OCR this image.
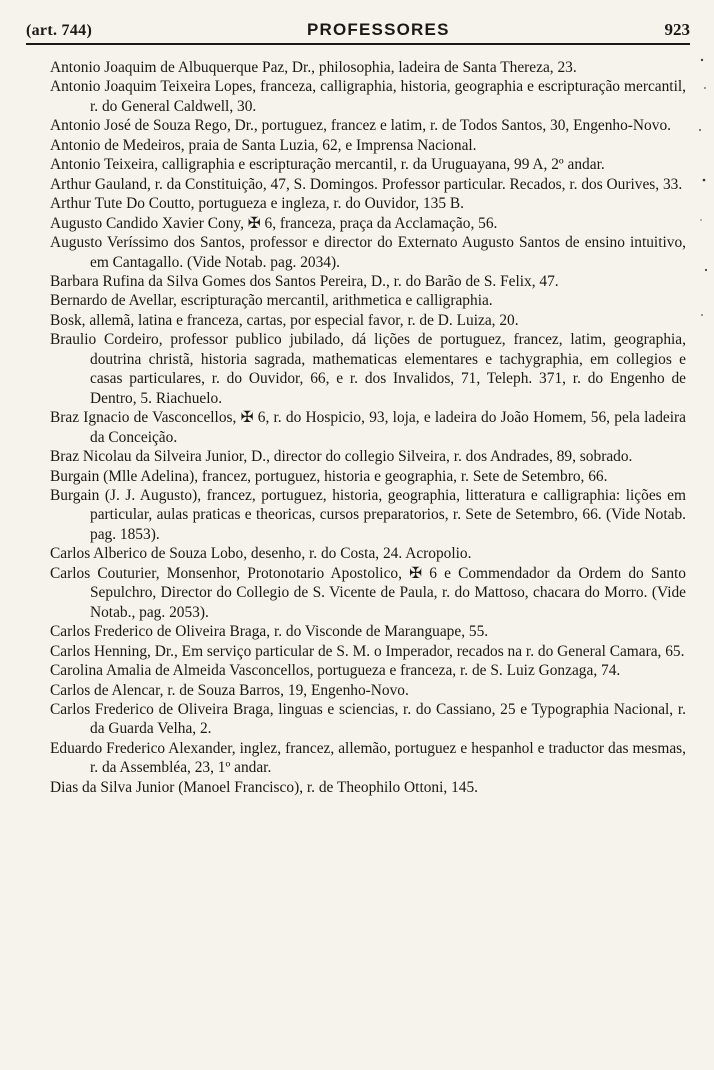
(art. 744)	PROFESSORES	923

Antonio Joaquim de Albuquerque Paz, Dr., philosophia, ladeira de Santa Thereza, 23.

Antonio Joaquim Teixeira Lopes, franceza, calligraphia, historia, geographia e escripturação mercantil, r. do General Caldwell, 30.

Antonio José de Souza Rego, Dr., portuguez, francez e latim, r. de Todos Santos, 30, Engenho-Novo.

Antonio de Medeiros, praia de Santa Luzia, 62, e Imprensa Nacional.

Antonio Teixeira, calligraphia e escripturação mercantil, r. da Uruguayana, 99 A, 2º andar.

Arthur Gauland, r. da Constituição, 47, S. Domingos. Professor particular. Recados, r. dos Ourives, 33.

Arthur Tute Do Coutto, portugueza e ingleza, r. do Ouvidor, 135 B.

Augusto Candido Xavier Cony, ✠ 6, franceza, praça da Acclamação, 56.

Augusto Veríssimo dos Santos, professor e director do Externato Augusto Santos de ensino intuitivo, em Cantagallo. (Vide Notab. pag. 2034).

Barbara Rufina da Silva Gomes dos Santos Pereira, D., r. do Barão de S. Felix, 47.

Bernardo de Avellar, escripturação mercantil, arithmetica e calligraphia.

Bosk, allemã, latina e franceza, cartas, por especial favor, r. de D. Luiza, 20.

Braulio Cordeiro, professor publico jubilado, dá lições de portuguez, francez, latim, geographia, doutrina christã, historia sagrada, mathematicas elementares e tachygraphia, em collegios e casas particulares, r. do Ouvidor, 66, e r. dos Invalidos, 71, Teleph. 371, r. do Engenho de Dentro, 5. Riachuelo.

Braz Ignacio de Vasconcellos, ✠ 6, r. do Hospicio, 93, loja, e ladeira do João Homem, 56, pela ladeira da Conceição.

Braz Nicolau da Silveira Junior, D., director do collegio Silveira, r. dos Andrades, 89, sobrado.

Burgain (Mlle Adelina), francez, portuguez, historia e geographia, r. Sete de Setembro, 66.

Burgain (J. J. Augusto), francez, portuguez, historia, geographia, litteratura e calligraphia: lições em particular, aulas praticas e theoricas, cursos preparatorios, r. Sete de Setembro, 66. (Vide Notab. pag. 1853).

Carlos Alberico de Souza Lobo, desenho, r. do Costa, 24. Acropolio.

Carlos Couturier, Monsenhor, Protonotario Apostolico, ✠ 6 e Commendador da Ordem do Santo Sepulchro, Director do Collegio de S. Vicente de Paula, r. do Mattoso, chacara do Morro. (Vide Notab., pag. 2053).

Carlos Frederico de Oliveira Braga, r. do Visconde de Maranguape, 55.

Carlos Henning, Dr., Em serviço particular de S. M. o Imperador, recados na r. do General Camara, 65.

Carolina Amalia de Almeida Vasconcellos, portugueza e franceza, r. de S. Luiz Gonzaga, 74.

Carlos de Alencar, r. de Souza Barros, 19, Engenho-Novo.

Carlos Frederico de Oliveira Braga, linguas e sciencias, r. do Cassiano, 25 e Typographia Nacional, r. da Guarda Velha, 2.

Eduardo Frederico Alexander, inglez, francez, allemão, portuguez e hespanhol e traductor das mesmas, r. da Assembléa, 23, 1º andar.

Dias da Silva Junior (Manoel Francisco), r. de Theophilo Ottoni, 145.
